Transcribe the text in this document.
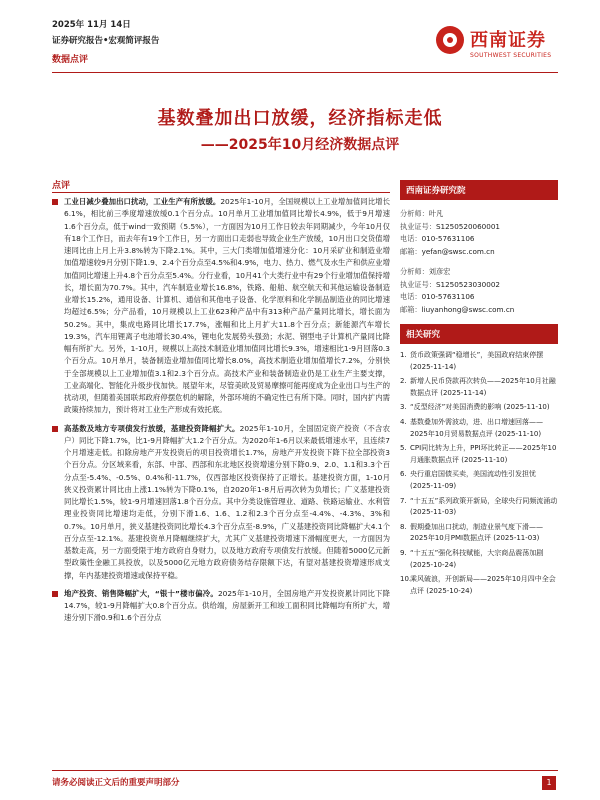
2025年 11月 14日
证券研究报告•宏观简评报告
数据点评
西南证券
SOUTHWEST SECURITIES
基数叠加出口放缓，经济指标走低
——2025年10月经济数据点评
点评
工业日减少叠加出口扰动，工业生产有所放缓。2025年1-10月，全国规模以上工业增加值同比增长6.1%，相比前三季度增速放缓0.1个百分点。10月单月工业增加值同比增长4.9%，低于9月增速1.6个百分点，低于wind一致预期（5.5%），一方面因为10月工作日较去年同期减少，今年10月仅有18个工作日，而去年有19个工作日，另一方面出口走弱也导致企业生产放缓，10月出口交货值增速同比由上月上升3.8%转为下降2.1%。其中，三大门类增加值增速分化：10月采矿业和制造业增加值增速较9月分别下降1.9、2.4个百分点至4.5%和4.9%，电力、热力、燃气及水生产和供应业增加值同比增速上升4.8个百分点至5.4%。分行业看，10月41个大类行业中有29个行业增加值保持增长，增长面为70.7%。其中，汽车制造业增长16.8%，铁路、船舶、航空航天和其他运输设备制造业增长15.2%，通用设备、计算机、通信和其他电子设备、化学原料和化学制品制造业的同比增速均超过6.5%；分产品看，10月规模以上工业623种产品中有313种产品产量同比增长，增长面为50.2%。其中，集成电路同比增长17.7%，涨幅和比上月扩大11.8个百分点；新能源汽车增长19.3%，汽车用锂离子电池增长30.4%，锂电化发展势头强劲；水泥、钢型电子计算机产量同比降幅有所扩大。另外，1-10月，规模以上高技术制造业增加值同比增长9.3%，增速相比1-9月回落0.3个百分点。10月单月，装备制造业增加值同比增长8.0%，高技术制造业增加值增长7.2%，分别快于全部规模以上工业增加值3.1和2.3个百分点。高技术产业和装备制造业仍是工业生产主要支撑，工业高端化、智能化升级步伐加快。展望年末，尽管美欧及贸易摩擦可能再度成为企业出口与生产的扰动项，但随着美国联邦政府停摆危机的解除，外部环境的不确定性已有所下降。同时，国内扩内需政策持续加力，预计将对工业生产形成有效托底。
高基数及地方专项债发行放缓，基建投资降幅扩大。2025年1-10月，全国固定资产投资（不含农户）同比下降1.7%，比1-9月降幅扩大1.2个百分点。为2020年1-6月以来最低增速水平，且连续7个月增速走低。扣除房地产开发投资后的项目投资增长1.7%，房地产开发投资下降下拉全部投资3个百分点。分区域来看，东部、中部、西部和东北地区投资增速分别下降0.9、2.0、1.1和3.3个百分点至-5.4%、-0.5%、0.4%和-11.7%，仅西部地区投资保持了正增长。基建投资方面，1-10月狭义投资累计同比由上涨1.1%转为下降0.1%，自2020年1-8月后再次转为负增长；广义基建投资同比增长1.5%，较1-9月增速回落1.8个百分点。其中分类设施管理业、道路、铁路运输业、水利管理业投资同比增速均走低，分别下滑1.6、1.6、1.2和2.3个百分点至-4.4%、-4.3%、3%和0.7%。10月单月，狭义基建投资同比增长4.3个百分点至-8.9%，广义基建投资同比降幅扩大4.1个百分点至-12.1%。基建投资单月降幅继续扩大，尤其广义基建投资增速下滑幅度更大，一方面因为基数走高，另一方面受限于地方政府自身财力，以及地方政府专项债发行放缓。但随着5000亿元新型政策性金融工具投放，以及5000亿元地方政府债务结存限额下达，有望对基建投资增速形成支撑，年内基建投资增速或保持平稳。
地产投资、销售降幅扩大，“银十”楼市偏冷。2025年1-10月，全国房地产开发投资累计同比下降14.7%，较1-9月降幅扩大0.8个百分点。供给端，房屋新开工和竣工面积同比降幅均有所扩大，增速分别下滑0.9和1.6个百分点
西南证券研究院
分析师：叶凡
执业证号：S1250520060001
电话：010-57631106
邮箱：yefan@swsc.com.cn
分析师：刘彦宏
执业证号：S1250523030002
电话：010-57631106
邮箱：liuyanhong@swsc.com.cn
相关研究
1. 货币政策强调“稳增长”，美国政府结束停摆 (2025-11-14)
2. 新增人民币贷款再次转负——2025年10月社融数据点评 (2025-11-14)
3. “反型经济”对美国消费的影响 (2025-11-10)
4. 基数叠加外需波动，进、出口增速回落——2025年10月贸易数据点评 (2025-11-10)
5. CPI同比转为上升，PPI环比转正——2025年10月通胀数据点评 (2025-11-10)
6. 央行重启国债买卖，美国流动性引发担忧 (2025-11-09)
7. “十五五”系列政策开新局，全球央行同频流涌动 (2025-11-03)
8. 假期叠加出口扰动，制造业景气度下滑——2025年10月PMI数据点评 (2025-11-03)
9. “十五五”强化科技赋能，大宗商品震荡加剧 (2025-10-24)
10.
乘风破浪，开创新局——2025年10月四中全会点评 (2025-10-24)
请务必阅读正文后的重要声明部分	1
